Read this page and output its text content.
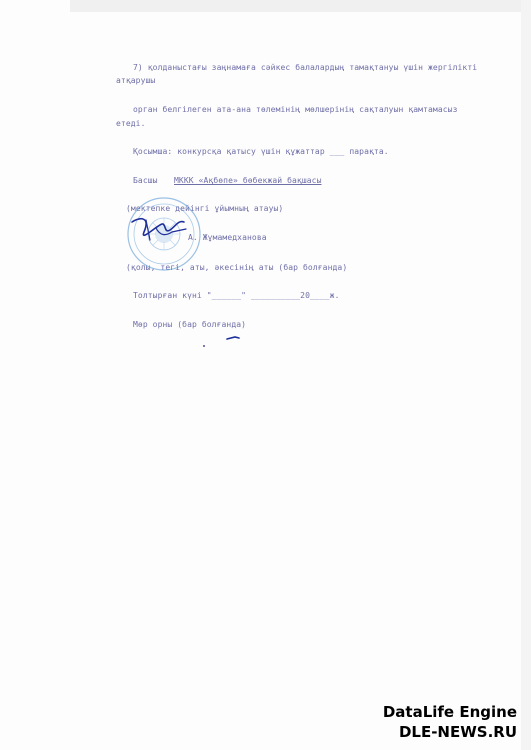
7) қолданыстағы заңнамаға сәйкес балалардың тамақтануы үшін жергілікті
атқарушы
орган белгілеген ата-ана төлемінің мөлшерінің сақталуын қамтамасыз
етеді.
Қосымша: конкурсқа қатысу үшін құжаттар ___ парақта.
Басшы МККК «Ақбөпе» бөбекжай бақшасы
(мектепке дейінгі ұйымның атауы)
А. Жұмамедханова
(қолы, тегі, аты, әкесінің аты (бар болғанда)
Толтырған күні "______" __________20____ж.
Мөр орны (бар болғанда)
DataLife Engine
DLE-NEWS.RU
